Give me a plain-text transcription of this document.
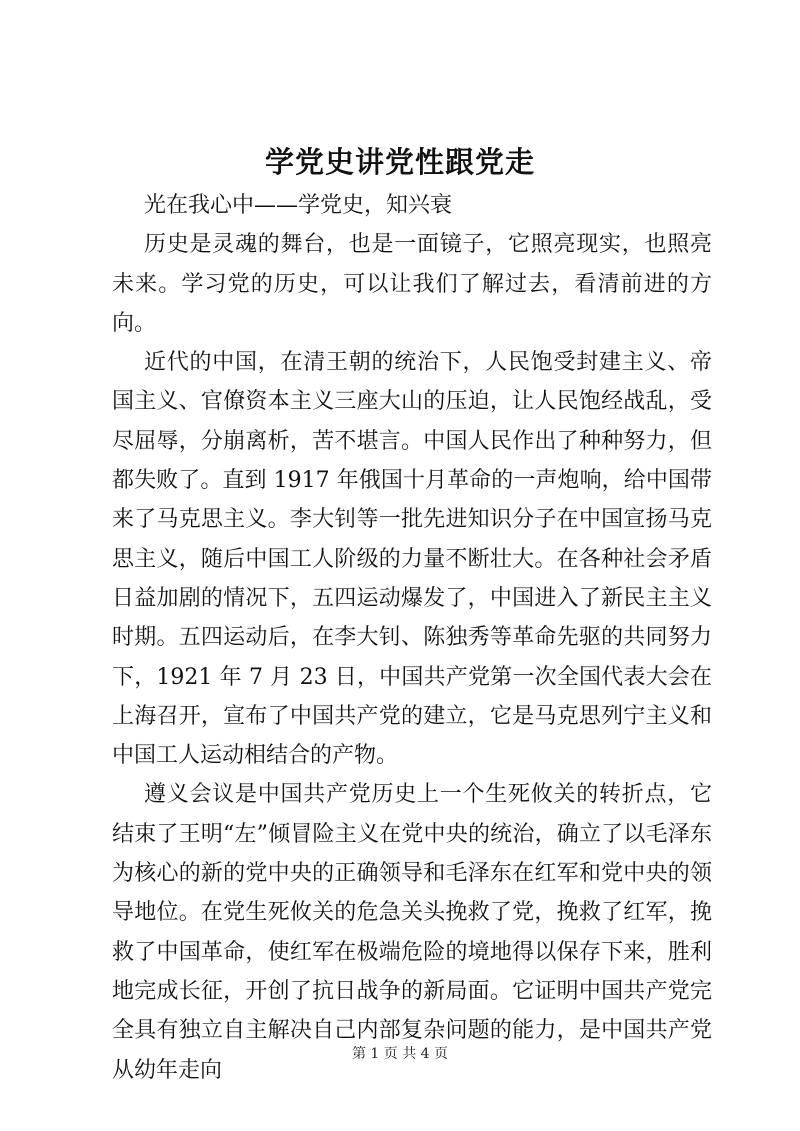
学党史讲党性跟党走

光在我心中——学党史，知兴衰

历史是灵魂的舞台，也是一面镜子，它照亮现实，也照亮未来。学习党的历史，可以让我们了解过去，看清前进的方向。

近代的中国，在清王朝的统治下，人民饱受封建主义、帝国主义、官僚资本主义三座大山的压迫，让人民饱经战乱，受尽屈辱，分崩离析，苦不堪言。中国人民作出了种种努力，但都失败了。直到 1917 年俄国十月革命的一声炮响，给中国带来了马克思主义。李大钊等一批先进知识分子在中国宣扬马克思主义，随后中国工人阶级的力量不断壮大。在各种社会矛盾日益加剧的情况下，五四运动爆发了，中国进入了新民主主义时期。五四运动后，在李大钊、陈独秀等革命先驱的共同努力下，1921 年 7 月 23 日，中国共产党第一次全国代表大会在上海召开，宣布了中国共产党的建立，它是马克思列宁主义和中国工人运动相结合的产物。

遵义会议是中国共产党历史上一个生死攸关的转折点，它结束了王明“左”倾冒险主义在党中央的统治，确立了以毛泽东为核心的新的党中央的正确领导和毛泽东在红军和党中央的领导地位。在党生死攸关的危急关头挽救了党，挽救了红军，挽救了中国革命，使红军在极端危险的境地得以保存下来，胜利地完成长征，开创了抗日战争的新局面。它证明中国共产党完全具有独立自主解决自己内部复杂问题的能力，是中国共产党从幼年走向

第 1 页 共 4 页
